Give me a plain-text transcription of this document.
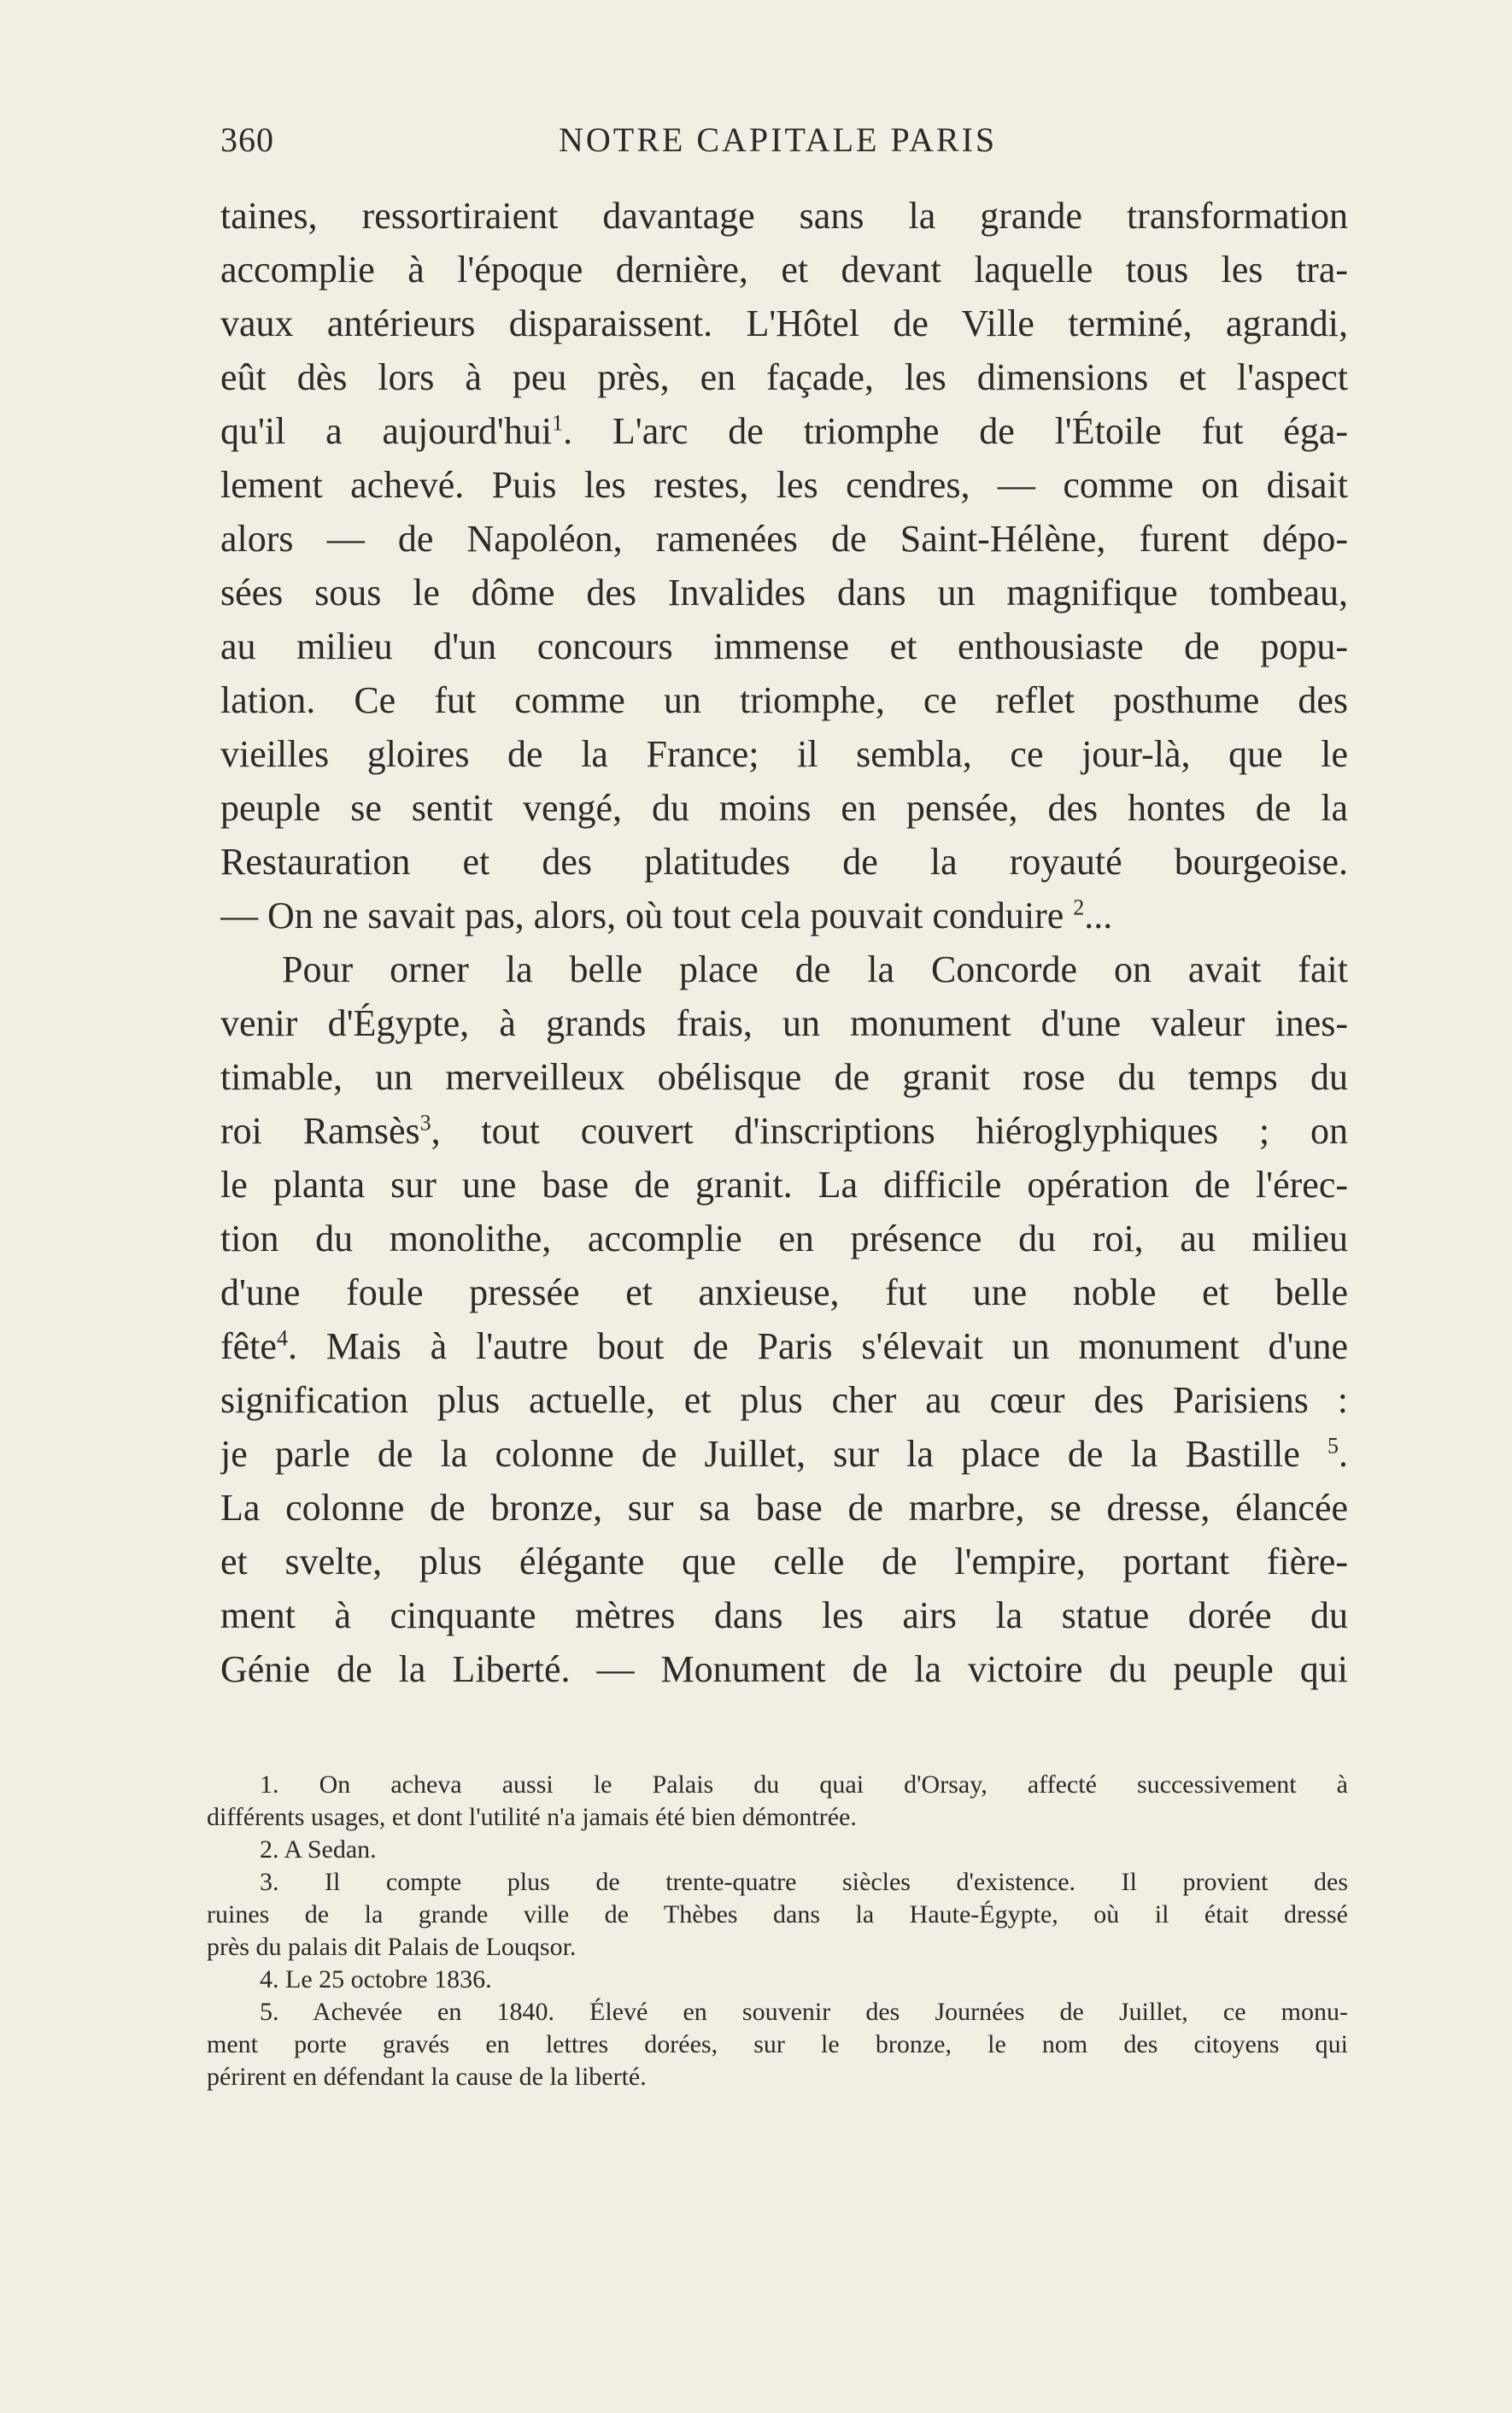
360	NOTRE CAPITALE PARIS
taines, ressortiraient davantage sans la grande transformation
accomplie à l'époque dernière, et devant laquelle tous les tra-
vaux antérieurs disparaissent. L'Hôtel de Ville terminé, agrandi,
eût dès lors à peu près, en façade, les dimensions et l'aspect
qu'il a aujourd'hui$^1$. L'arc de triomphe de l'Étoile fut éga-
lement achevé. Puis les restes, les cendres, — comme on disait
alors — de Napoléon, ramenées de Saint-Hélène, furent dépo-
sées sous le dôme des Invalides dans un magnifique tombeau,
au milieu d'un concours immense et enthousiaste de popu-
lation. Ce fut comme un triomphe, ce reflet posthume des
vieilles gloires de la France; il sembla, ce jour-là, que le
peuple se sentit vengé, du moins en pensée, des hontes de la
Restauration et des platitudes de la royauté bourgeoise.
— On ne savait pas, alors, où tout cela pouvait conduire $^2$...
Pour orner la belle place de la Concorde on avait fait
venir d'Égypte, à grands frais, un monument d'une valeur ines-
timable, un merveilleux obélisque de granit rose du temps du
roi Ramsès$^3$, tout couvert d'inscriptions hiéroglyphiques ; on
le planta sur une base de granit. La difficile opération de l'érec-
tion du monolithe, accomplie en présence du roi, au milieu
d'une foule pressée et anxieuse, fut une noble et belle
fête$^4$. Mais à l'autre bout de Paris s'élevait un monument d'une
signification plus actuelle, et plus cher au cœur des Parisiens :
je parle de la colonne de Juillet, sur la place de la Bastille $^5$.
La colonne de bronze, sur sa base de marbre, se dresse, élancée
et svelte, plus élégante que celle de l'empire, portant fière-
ment à cinquante mètres dans les airs la statue dorée du
Génie de la Liberté. — Monument de la victoire du peuple qui
1. On acheva aussi le Palais du quai d'Orsay, affecté successivement à
différents usages, et dont l'utilité n'a jamais été bien démontrée.
2. A Sedan.
3. Il compte plus de trente-quatre siècles d'existence. Il provient des
ruines de la grande ville de Thèbes dans la Haute-Égypte, où il était dressé
près du palais dit Palais de Louqsor.
4. Le 25 octobre 1836.
5. Achevée en 1840. Élevé en souvenir des Journées de Juillet, ce monu-
ment porte gravés en lettres dorées, sur le bronze, le nom des citoyens qui
périrent en défendant la cause de la liberté.
